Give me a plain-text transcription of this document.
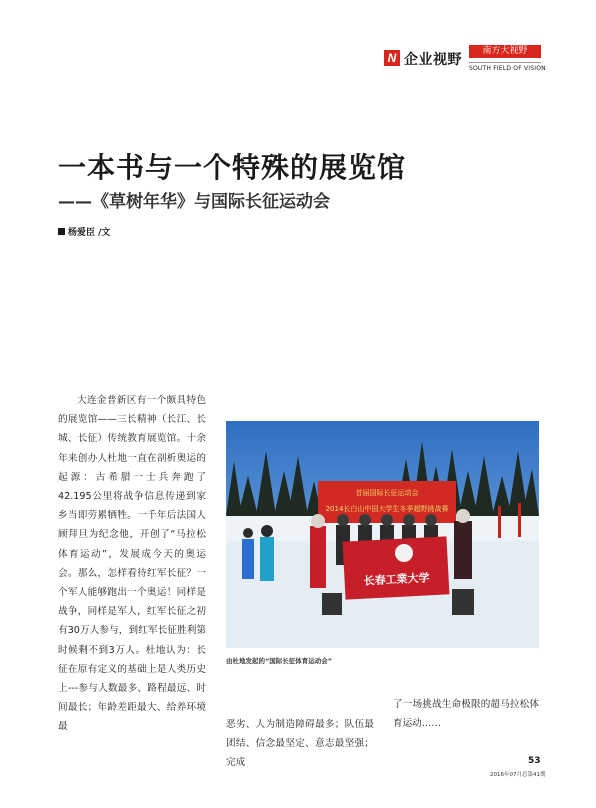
N 企业视野
南方大视野
SOUTH FIELD OF VISION
一本书与一个特殊的展览馆
——《草树年华》与国际长征运动会
杨爱臣 /文
大连金普新区有一个颇具特色的展览馆——三长精神（长江、长城、长征）传统教育展览馆。十余年来创办人杜地一直在剖析奥运的起源：古希腊一士兵奔跑了42.195公里将战争信息传递到家乡当即劳累牺牲。一千年后法国人顾拜旦为纪念他，开创了“马拉松体育运动”，发展成今天的奥运会。那么，怎样看待红军长征？一个军人能够跑出一个奥运！同样是战争，同样是军人，红军长征之初有30万人参与，到红军长征胜利第时候剩不到3万人。杜地认为：长征在原有定义的基础上是人类历史上---参与人数最多、路程最远、时间最长；年龄差距最大、给养环境最
首届国际长征运动会
2014长白山中国大学生冬季超野挑战赛
长春工業大学
由杜地发起的“国际长征体育运动会”
恶劣、人为制造障碍最多；队伍最团结、信念最坚定、意志最坚强；完成
了一场挑战生命极限的超马拉松体育运动……
53
2016年07月总第41期
